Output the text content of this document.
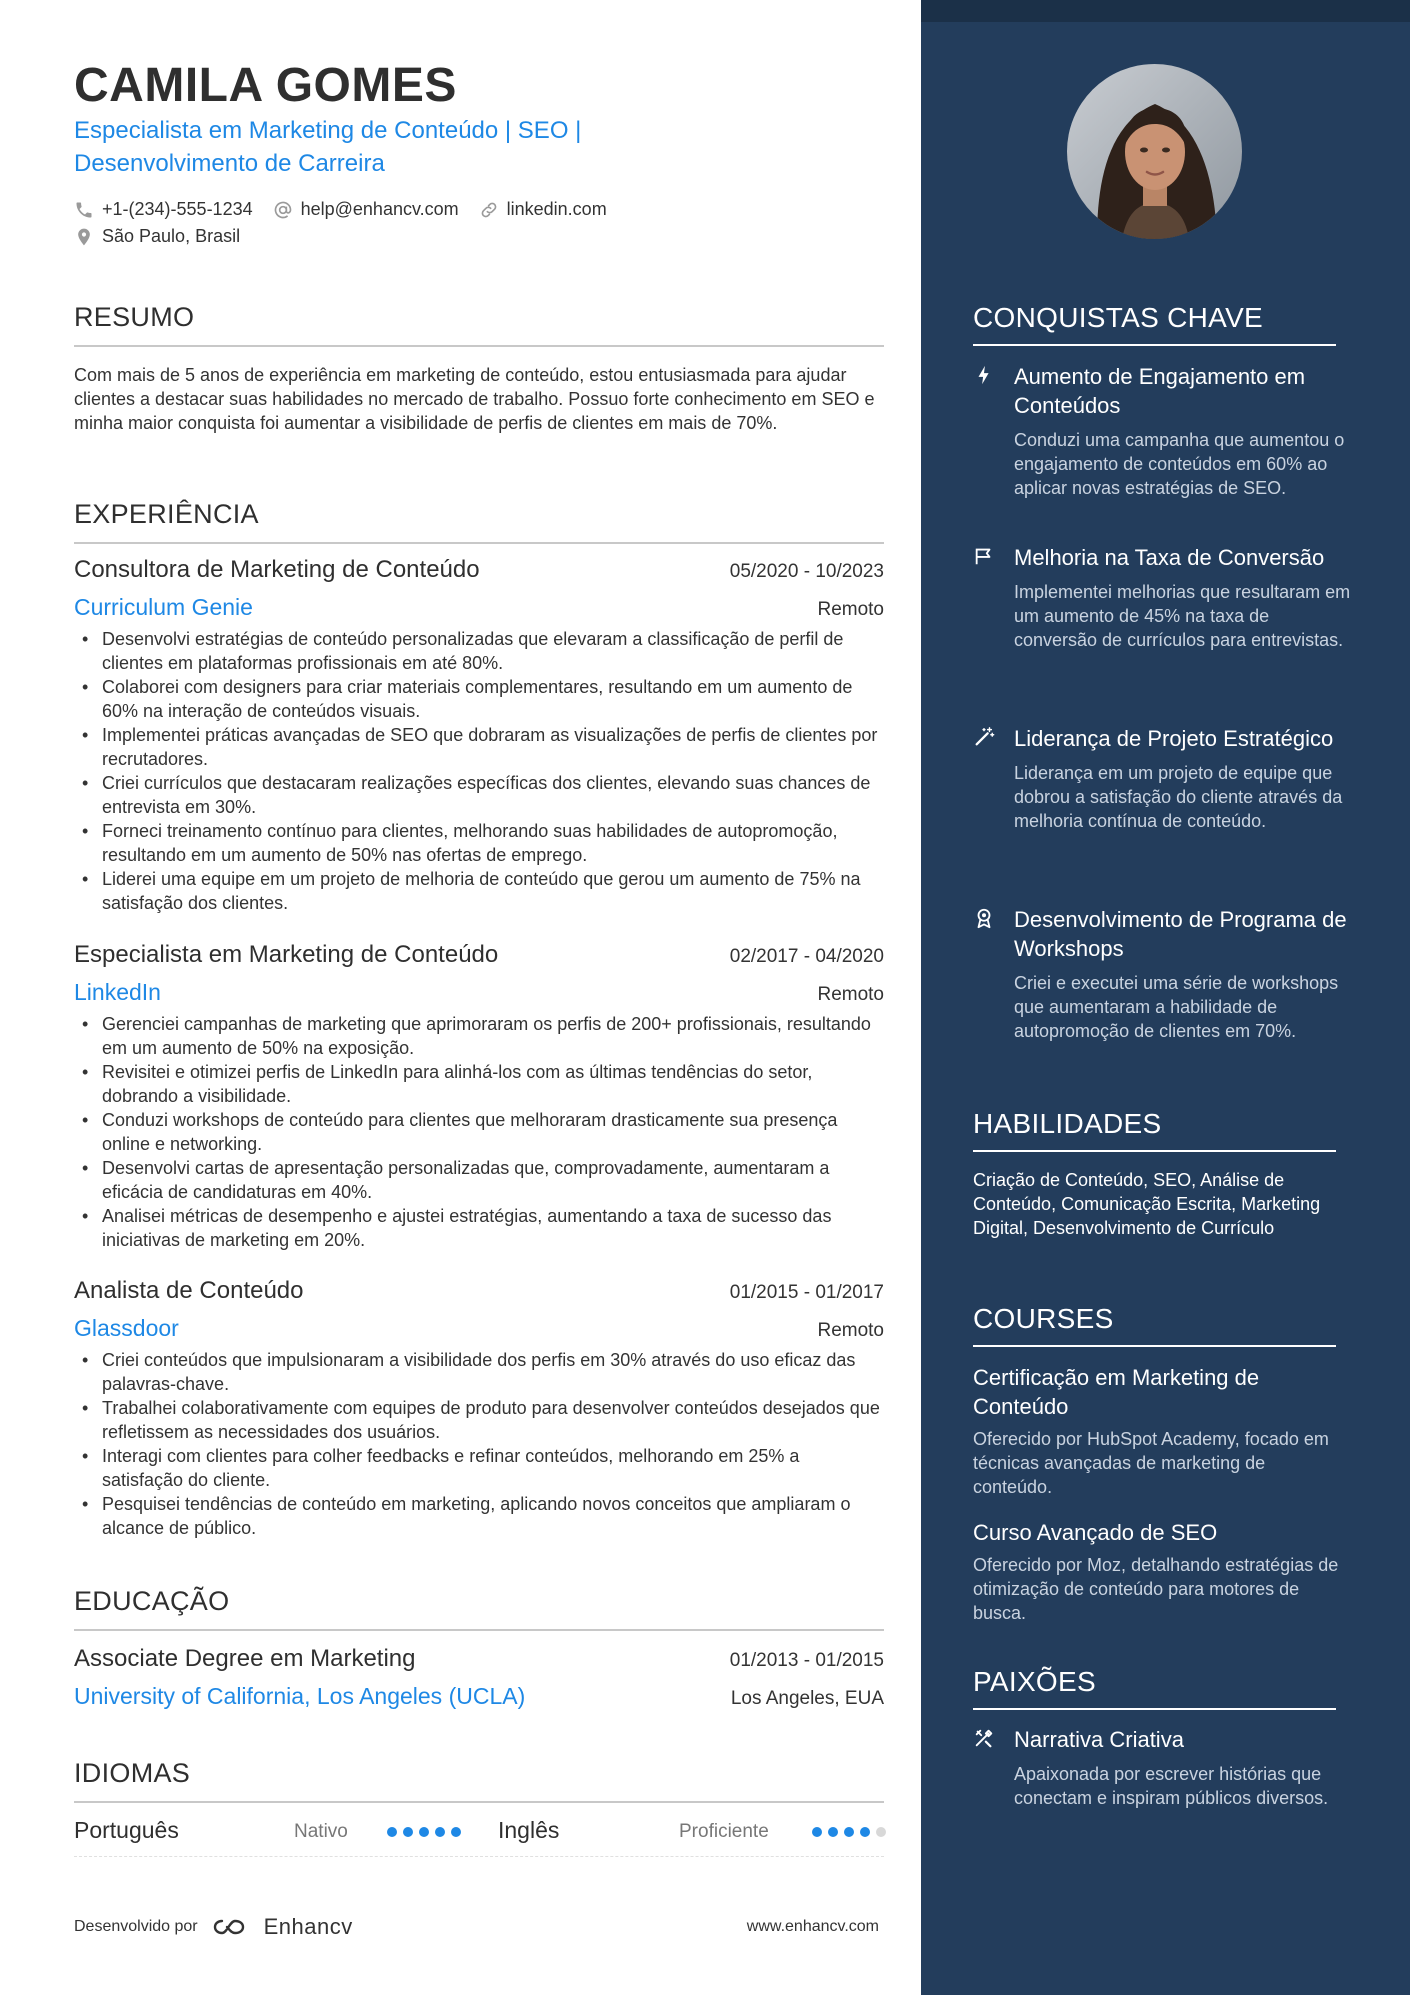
CAMILA GOMES
Especialista em Marketing de Conteúdo | SEO | Desenvolvimento de Carreira
+1-(234)-555-1234	help@enhancv.com	linkedin.com
São Paulo, Brasil
RESUMO
Com mais de 5 anos de experiência em marketing de conteúdo, estou entusiasmada para ajudar clientes a destacar suas habilidades no mercado de trabalho. Possuo forte conhecimento em SEO e minha maior conquista foi aumentar a visibilidade de perfis de clientes em mais de 70%.
EXPERIÊNCIA
Consultora de Marketing de Conteúdo	05/2020 - 10/2023
Curriculum Genie	Remoto
• Desenvolvi estratégias de conteúdo personalizadas que elevaram a classificação de perfil de clientes em plataformas profissionais em até 80%.
• Colaborei com designers para criar materiais complementares, resultando em um aumento de 60% na interação de conteúdos visuais.
• Implementei práticas avançadas de SEO que dobraram as visualizações de perfis de clientes por recrutadores.
• Criei currículos que destacaram realizações específicas dos clientes, elevando suas chances de entrevista em 30%.
• Forneci treinamento contínuo para clientes, melhorando suas habilidades de autopromoção, resultando em um aumento de 50% nas ofertas de emprego.
• Liderei uma equipe em um projeto de melhoria de conteúdo que gerou um aumento de 75% na satisfação dos clientes.
Especialista em Marketing de Conteúdo	02/2017 - 04/2020
LinkedIn	Remoto
• Gerenciei campanhas de marketing que aprimoraram os perfis de 200+ profissionais, resultando em um aumento de 50% na exposição.
• Revisitei e otimizei perfis de LinkedIn para alinhá-los com as últimas tendências do setor, dobrando a visibilidade.
• Conduzi workshops de conteúdo para clientes que melhoraram drasticamente sua presença online e networking.
• Desenvolvi cartas de apresentação personalizadas que, comprovadamente, aumentaram a eficácia de candidaturas em 40%.
• Analisei métricas de desempenho e ajustei estratégias, aumentando a taxa de sucesso das iniciativas de marketing em 20%.
Analista de Conteúdo	01/2015 - 01/2017
Glassdoor	Remoto
• Criei conteúdos que impulsionaram a visibilidade dos perfis em 30% através do uso eficaz das palavras-chave.
• Trabalhei colaborativamente com equipes de produto para desenvolver conteúdos desejados que refletissem as necessidades dos usuários.
• Interagi com clientes para colher feedbacks e refinar conteúdos, melhorando em 25% a satisfação do cliente.
• Pesquisei tendências de conteúdo em marketing, aplicando novos conceitos que ampliaram o alcance de público.
EDUCAÇÃO
Associate Degree em Marketing	01/2013 - 01/2015
University of California, Los Angeles (UCLA)	Los Angeles, EUA
IDIOMAS
Português	Nativo	Inglês	Proficiente
Desenvolvido por	Enhancv	www.enhancv.com
CONQUISTAS CHAVE
Aumento de Engajamento em Conteúdos
Conduzi uma campanha que aumentou o engajamento de conteúdos em 60% ao aplicar novas estratégias de SEO.
Melhoria na Taxa de Conversão
Implementei melhorias que resultaram em um aumento de 45% na taxa de conversão de currículos para entrevistas.
Liderança de Projeto Estratégico
Liderança em um projeto de equipe que dobrou a satisfação do cliente através da melhoria contínua de conteúdo.
Desenvolvimento de Programa de Workshops
Criei e executei uma série de workshops que aumentaram a habilidade de autopromoção de clientes em 70%.
HABILIDADES
Criação de Conteúdo, SEO, Análise de Conteúdo, Comunicação Escrita, Marketing Digital, Desenvolvimento de Currículo
COURSES
Certificação em Marketing de Conteúdo
Oferecido por HubSpot Academy, focado em técnicas avançadas de marketing de conteúdo.
Curso Avançado de SEO
Oferecido por Moz, detalhando estratégias de otimização de conteúdo para motores de busca.
PAIXÕES
Narrativa Criativa
Apaixonada por escrever histórias que conectam e inspiram públicos diversos.
